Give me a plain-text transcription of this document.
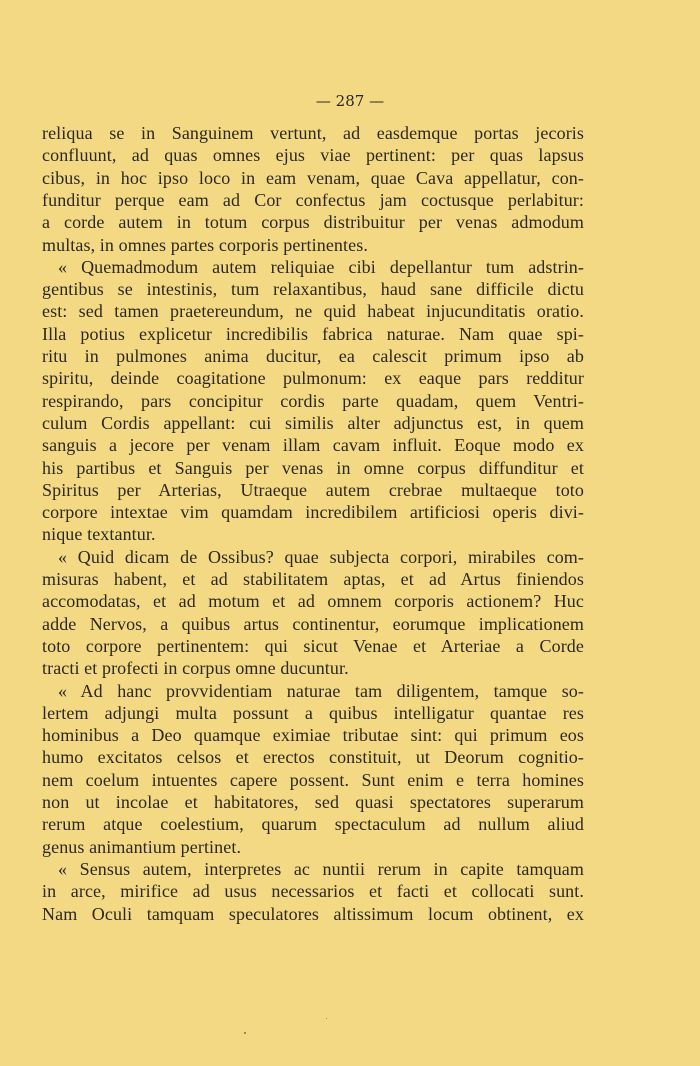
— 287 —
reliqua se in Sanguinem vertunt, ad easdemque portas jecoris
confluunt, ad quas omnes ejus viae pertinent: per quas lapsus
cibus, in hoc ipso loco in eam venam, quae Cava appellatur, con-
funditur perque eam ad Cor confectus jam coctusque perlabitur:
a corde autem in totum corpus distribuitur per venas admodum
multas, in omnes partes corporis pertinentes.
« Quemadmodum autem reliquiae cibi depellantur tum adstrin-
gentibus se intestinis, tum relaxantibus, haud sane difficile dictu
est: sed tamen praetereundum, ne quid habeat injucunditatis oratio.
Illa potius explicetur incredibilis fabrica naturae. Nam quae spi-
ritu in pulmones anima ducitur, ea calescit primum ipso ab
spiritu, deinde coagitatione pulmonum: ex eaque pars redditur
respirando, pars concipitur cordis parte quadam, quem Ventri-
culum Cordis appellant: cui similis alter adjunctus est, in quem
sanguis a jecore per venam illam cavam influit. Eoque modo ex
his partibus et Sanguis per venas in omne corpus diffunditur et
Spiritus per Arterias, Utraeque autem crebrae multaeque toto
corpore intextae vim quamdam incredibilem artificiosi operis divi-
nique textantur.
« Quid dicam de Ossibus? quae subjecta corpori, mirabiles com-
misuras habent, et ad stabilitatem aptas, et ad Artus finiendos
accomodatas, et ad motum et ad omnem corporis actionem? Huc
adde Nervos, a quibus artus continentur, eorumque implicationem
toto corpore pertinentem: qui sicut Venae et Arteriae a Corde
tracti et profecti in corpus omne ducuntur.
« Ad hanc provvidentiam naturae tam diligentem, tamque so-
lertem adjungi multa possunt a quibus intelligatur quantae res
hominibus a Deo quamque eximiae tributae sint: qui primum eos
humo excitatos celsos et erectos constituit, ut Deorum cognitio-
nem coelum intuentes capere possent. Sunt enim e terra homines
non ut incolae et habitatores, sed quasi spectatores superarum
rerum atque coelestium, quarum spectaculum ad nullum aliud
genus animantium pertinet.
« Sensus autem, interpretes ac nuntii rerum in capite tamquam
in arce, mirifice ad usus necessarios et facti et collocati sunt.
Nam Oculi tamquam speculatores altissimum locum obtinent, ex
